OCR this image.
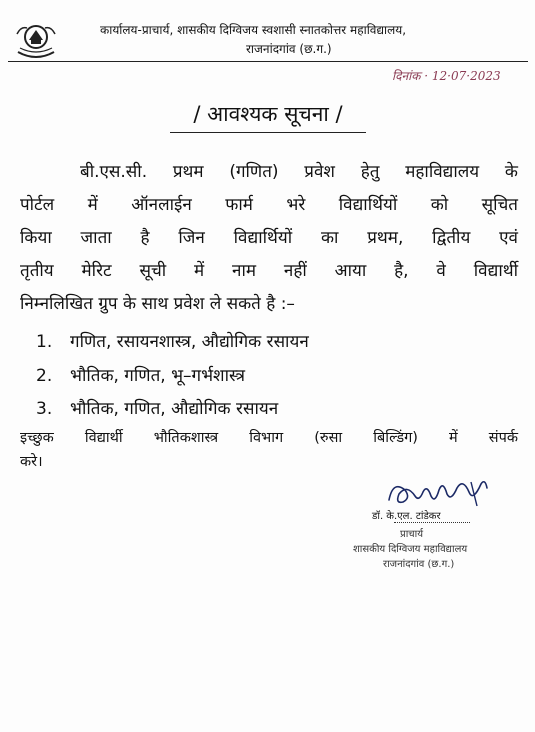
कार्यालय-प्राचार्य, शासकीय दिग्विजय स्वशासी स्नातकोत्तर महाविद्यालय,
राजनांदगांव (छ.ग.)
दिनांक · 12·07·2023
/ आवश्यक सूचना /

बी.एस.सी. प्रथम (गणित) प्रवेश हेतु महाविद्यालय के

पोर्टल में ऑनलाईन फार्म भरे विद्यार्थियों को सूचित

किया जाता है जिन विद्यार्थियों का प्रथम, द्वितीय एवं

तृतीय मेरिट सूची में नाम नहीं आया है, वे विद्यार्थी

निम्नलिखित ग्रुप के साथ प्रवेश ले सकते है :–

1. गणित, रसायनशास्त्र, औद्योगिक रसायन
2. भौतिक, गणित, भू–गर्भशास्त्र
3. भौतिक, गणित, औद्योगिक रसायन

इच्छुक विद्यार्थी भौतिकशास्त्र विभाग (रुसा बिल्डिंग) में संपर्क

करे।

डॉ. के.एल. टांडेकर
प्राचार्य
शासकीय दिग्विजय महाविद्यालय
राजनांदगांव (छ.ग.)
